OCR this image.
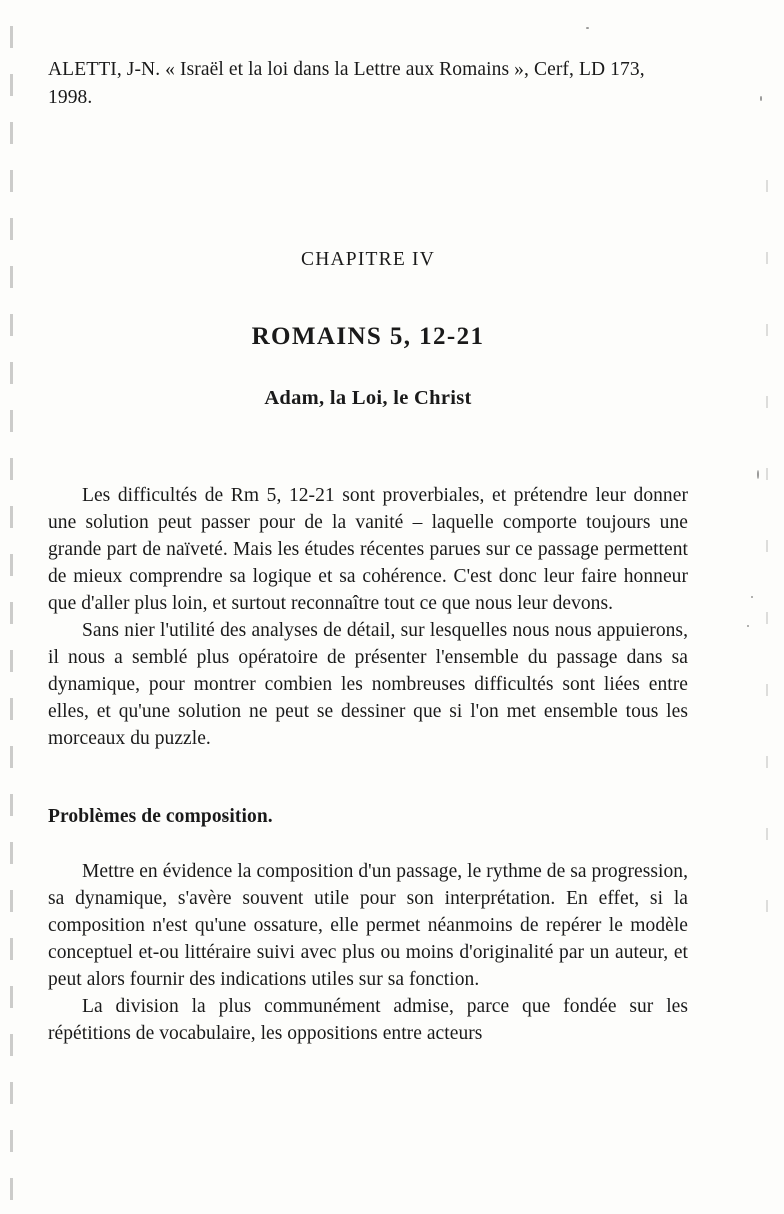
ALETTI, J-N. « Israël et la loi dans la Lettre aux Romains », Cerf, LD 173, 1998.
CHAPITRE IV
ROMAINS 5, 12-21
Adam, la Loi, le Christ

Les difficultés de Rm 5, 12-21 sont proverbiales, et prétendre leur donner une solution peut passer pour de la vanité – laquelle comporte toujours une grande part de naïveté. Mais les études récentes parues sur ce passage permettent de mieux comprendre sa logique et sa cohérence. C'est donc leur faire honneur que d'aller plus loin, et surtout reconnaître tout ce que nous leur devons.

Sans nier l'utilité des analyses de détail, sur lesquelles nous nous appuierons, il nous a semblé plus opératoire de présenter l'ensemble du passage dans sa dynamique, pour montrer combien les nombreuses difficultés sont liées entre elles, et qu'une solution ne peut se dessiner que si l'on met ensemble tous les morceaux du puzzle.

Problèmes de composition.

Mettre en évidence la composition d'un passage, le rythme de sa progression, sa dynamique, s'avère souvent utile pour son interprétation. En effet, si la composition n'est qu'une ossature, elle permet néanmoins de repérer le modèle conceptuel et-ou littéraire suivi avec plus ou moins d'originalité par un auteur, et peut alors fournir des indications utiles sur sa fonction.

La division la plus communément admise, parce que fondée sur les répétitions de vocabulaire, les oppositions entre acteurs
